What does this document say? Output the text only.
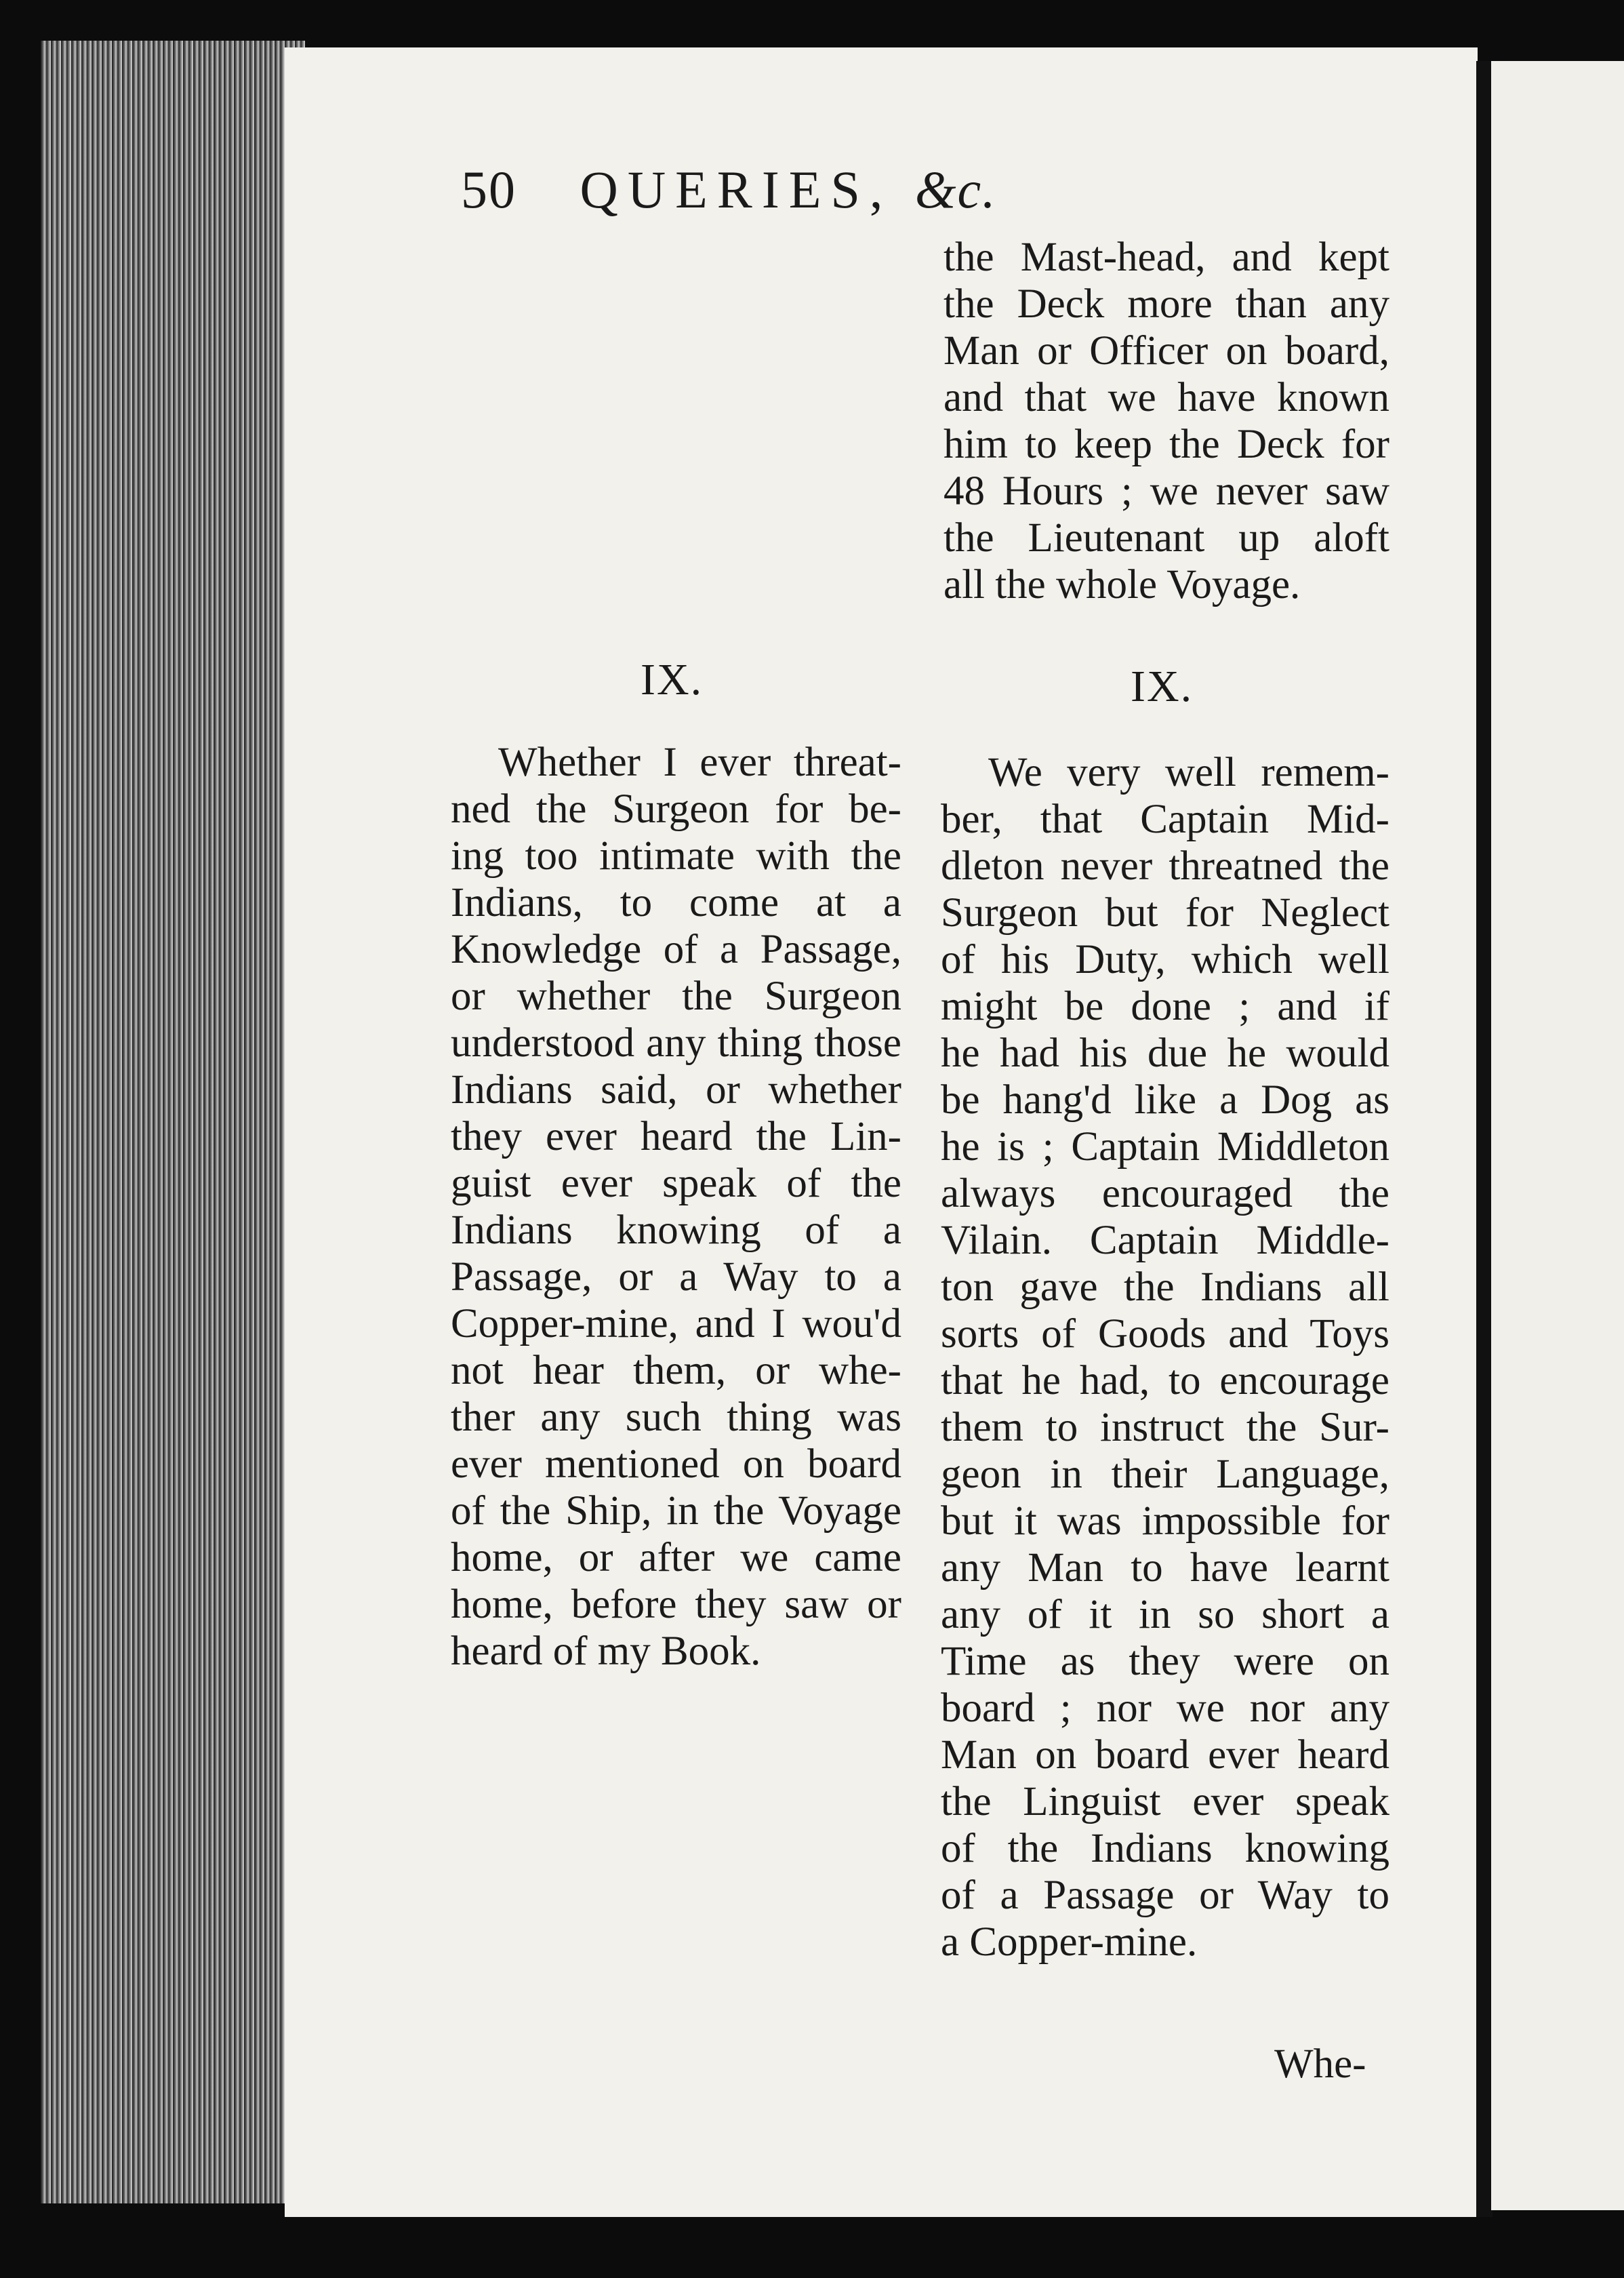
50 QUERIES, &c.
the Mast-head, and kept
the Deck more than any
Man or Officer on board,
and that we have known
him to keep the Deck for
48 Hours ; we never saw
the Lieutenant up aloft
all the whole Voyage.
IX.	IX.
Whether I ever threat-
ned the Surgeon for be-
ing too intimate with the
Indians, to come at a
Knowledge of a Passage,
or whether the Surgeon
understood any thing those
Indians said, or whether
they ever heard the Lin-
guist ever speak of the
Indians knowing of a
Passage, or a Way to a
Copper-mine, and I wou'd
not hear them, or whe-
ther any such thing was
ever mentioned on board
of the Ship, in the Voyage
home, or after we came
home, before they saw or
heard of my Book.
We very well remem-
ber, that Captain Mid-
dleton never threatned the
Surgeon but for Neglect
of his Duty, which well
might be done ; and if
he had his due he would
be hang'd like a Dog as
he is ; Captain Middleton
always encouraged the
Vilain. Captain Middle-
ton gave the Indians all
sorts of Goods and Toys
that he had, to encourage
them to instruct the Sur-
geon in their Language,
but it was impossible for
any Man to have learnt
any of it in so short a
Time as they were on
board ; nor we nor any
Man on board ever heard
the Linguist ever speak
of the Indians knowing
of a Passage or Way to
a Copper-mine.
Whe-
